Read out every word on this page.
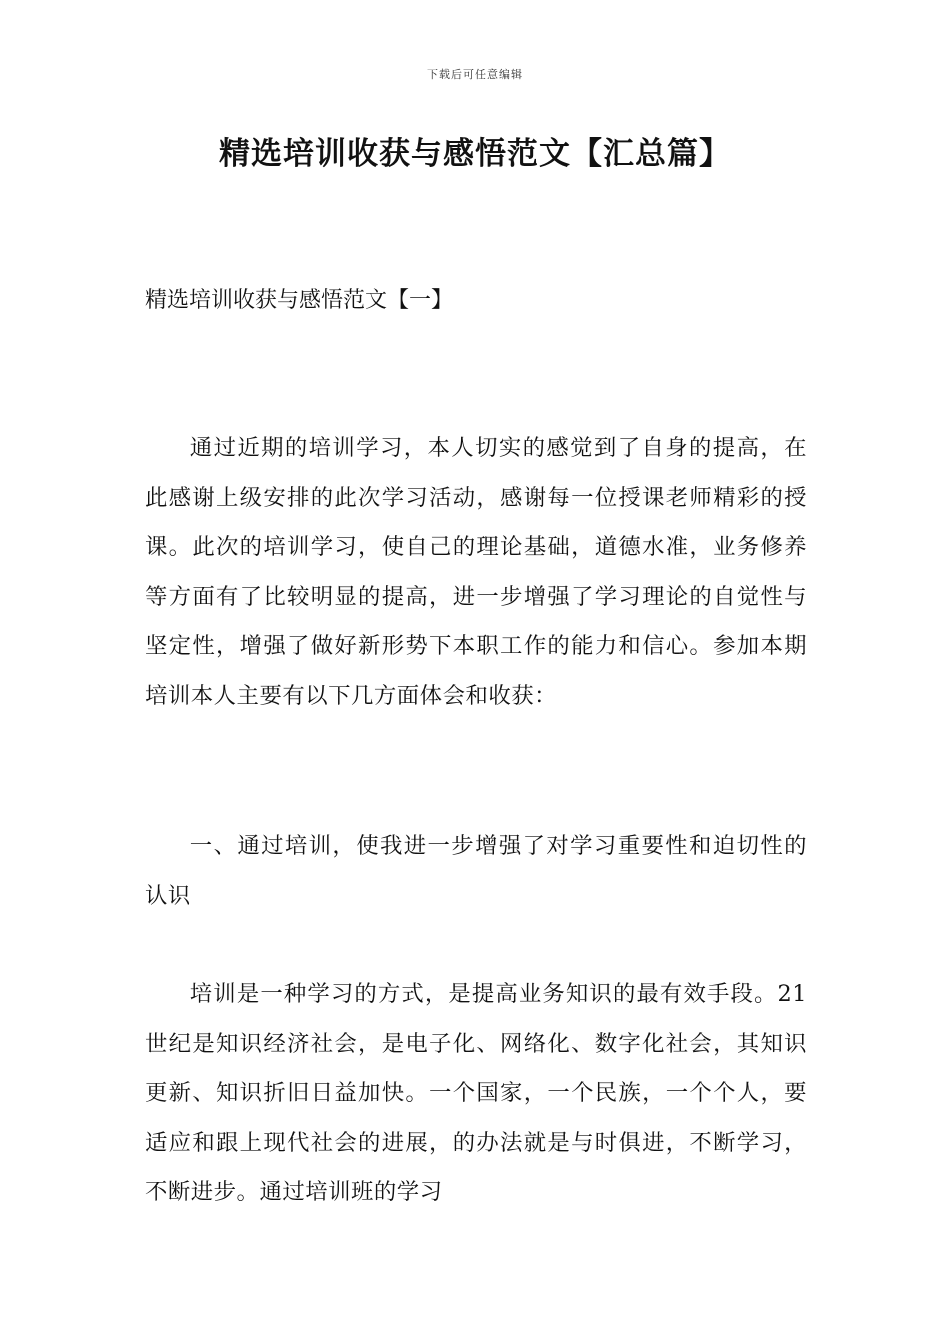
下载后可任意编辑
精选培训收获与感悟范文【汇总篇】
精选培训收获与感悟范文【一】

通过近期的培训学习，本人切实的感觉到了自身的提高，在此感谢上级安排的此次学习活动，感谢每一位授课老师精彩的授课。此次的培训学习，使自己的理论基础，道德水准，业务修养等方面有了比较明显的提高，进一步增强了学习理论的自觉性与坚定性，增强了做好新形势下本职工作的能力和信心。参加本期培训本人主要有以下几方面体会和收获：

一、通过培训，使我进一步增强了对学习重要性和迫切性的认识

培训是一种学习的方式，是提高业务知识的最有效手段。21世纪是知识经济社会，是电子化、网络化、数字化社会，其知识更新、知识折旧日益加快。一个国家，一个民族，一个个人，要适应和跟上现代社会的进展，的办法就是与时俱进，不断学习，不断进步。通过培训班的学习
